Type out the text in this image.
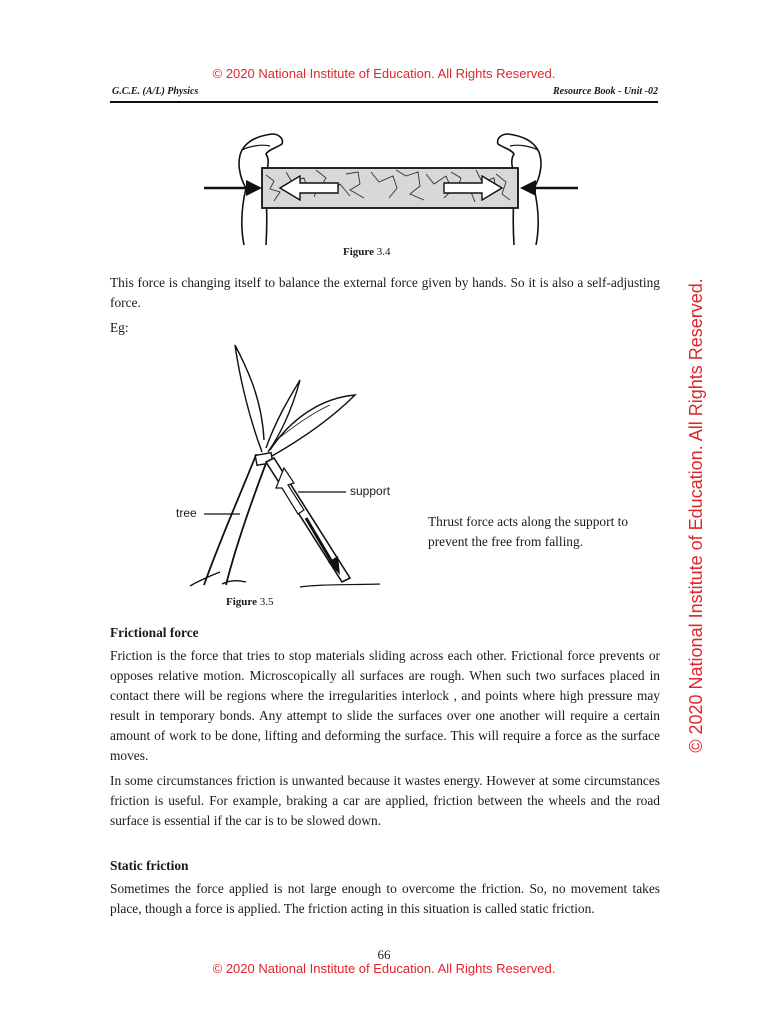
© 2020 National Institute of Education. All Rights Reserved.
© 2020 National Institute of Education. All Rights Reserved.
G.C.E. (A/L) Physics	Resource Book - Unit -02
Figure 3.4

This force is changing itself to balance the external force given by hands. So it is also a self-adjusting force.

Eg:

support
tree

Thrust force acts along the support to prevent the free from falling.

Figure 3.5
Frictional force

Friction is the force that tries to stop materials sliding across each other. Frictional force prevents or opposes relative motion. Microscopically all surfaces are rough. When such two surfaces placed in contact there will be regions where the irregularities interlock , and points where high pressure may result in temporary bonds. Any attempt to slide the surfaces over one another will require a certain amount of work to be done, lifting and deforming the surface. This will require a force as the surface moves.

In some circumstances friction is unwanted because it wastes energy. However at some circumstances friction is useful. For example, braking a car are applied, friction between the wheels and the road surface is essential if the car is to be slowed down.

Static friction

Sometimes the force applied is not large enough to overcome the friction. So, no movement takes place, though a force is applied. The friction acting in this situation is called static friction.

66
© 2020 National Institute of Education. All Rights Reserved.
